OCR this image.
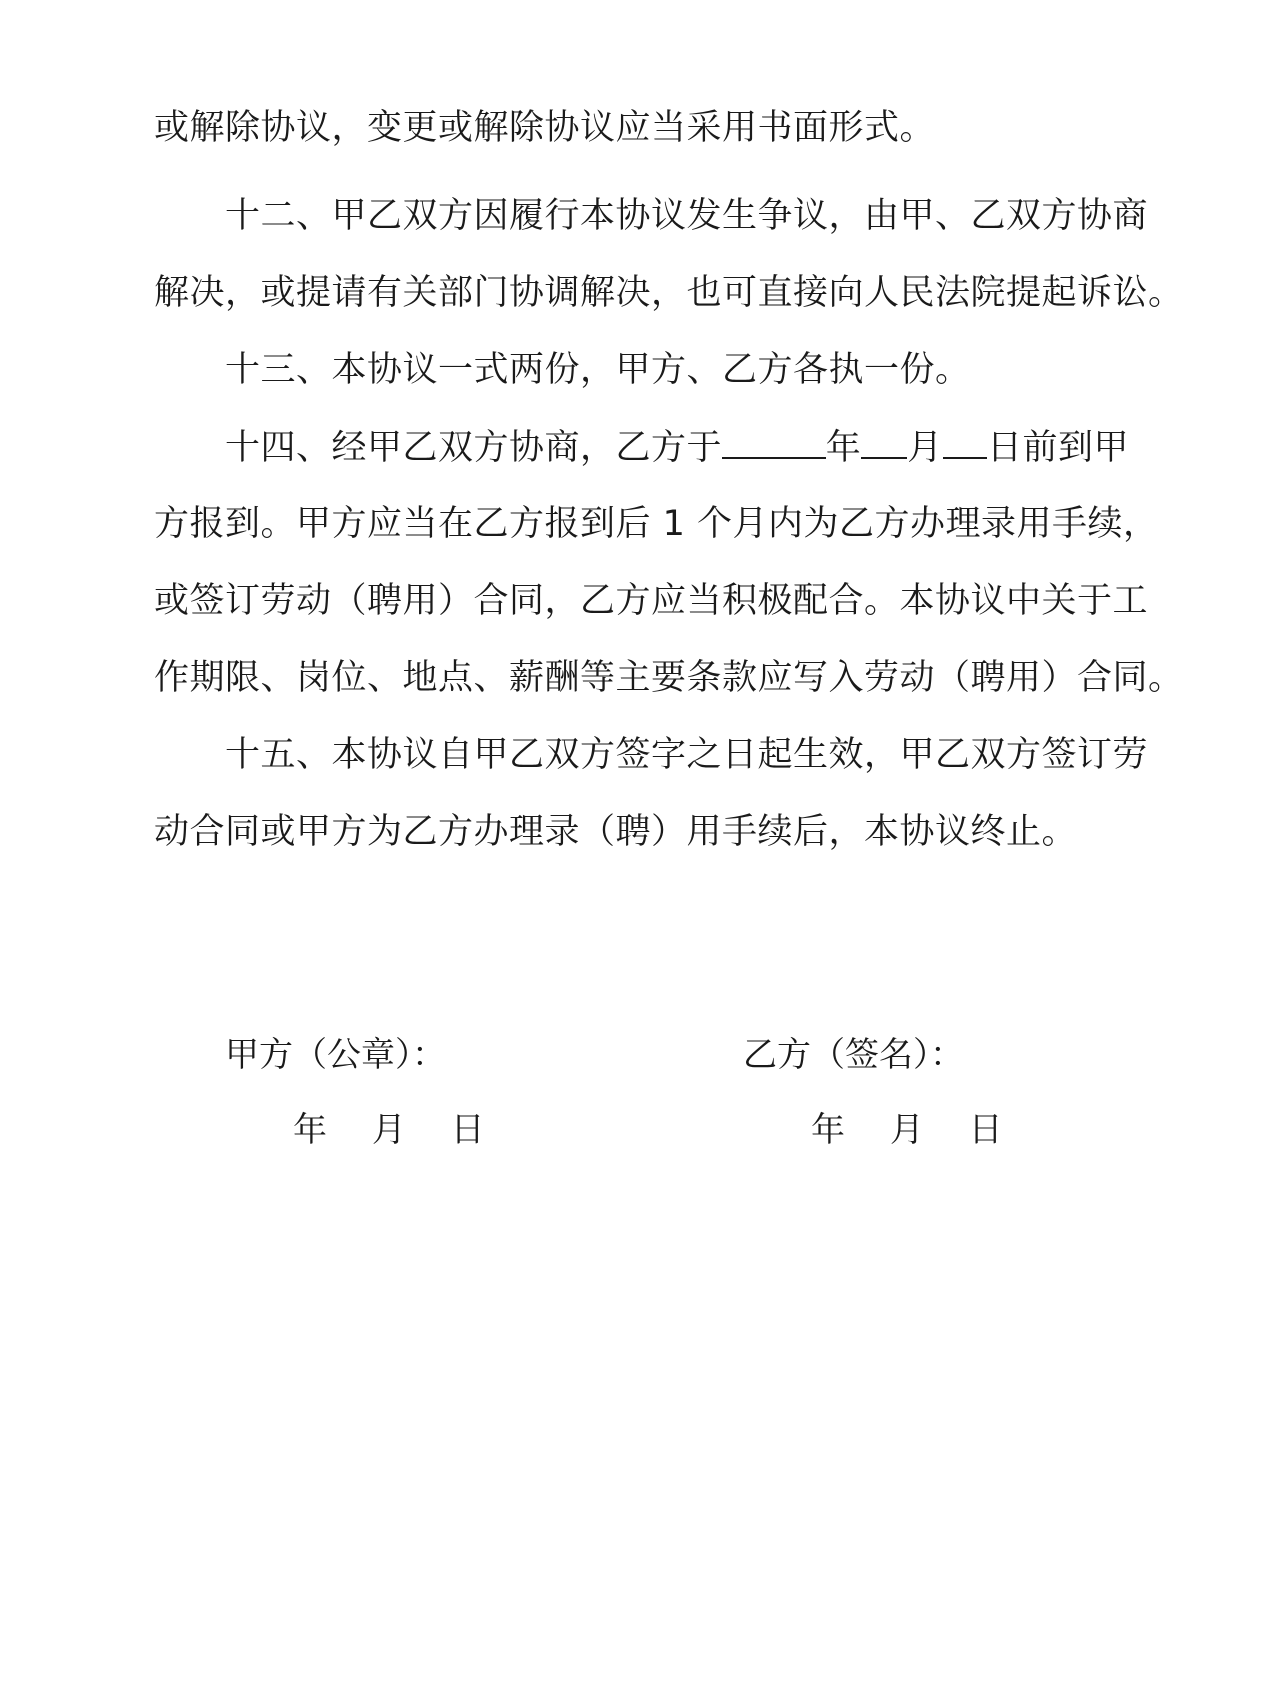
或解除协议，变更或解除协议应当采用书面形式。
十二、甲乙双方因履行本协议发生争议，由甲、乙双方协商
解决，或提请有关部门协调解决，也可直接向人民法院提起诉讼。
十三、本协议一式两份，甲方、乙方各执一份。
十四、经甲乙双方协商，乙方于	年 月 日前到甲
方报到。甲方应当在乙方报到后 1 个月内为乙方办理录用手续，
或签订劳动（聘用）合同，乙方应当积极配合。本协议中关于工
作期限、岗位、地点、薪酬等主要条款应写入劳动（聘用）合同。
十五、本协议自甲乙双方签字之日起生效，甲乙双方签订劳
动合同或甲方为乙方办理录（聘）用手续后，本协议终止。
甲方（公章）：	乙方（签名）：
年 月 日	年 月 日
